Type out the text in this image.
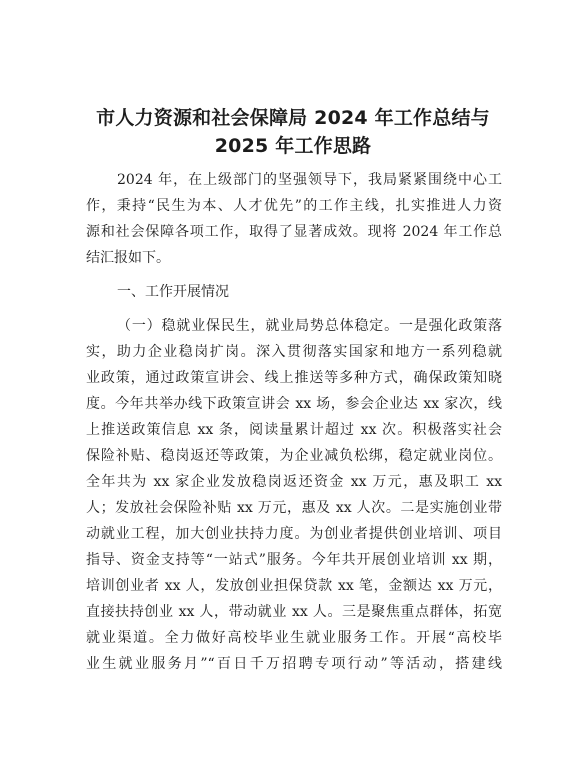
市人力资源和社会保障局 2024 年工作总结与
2025 年工作思路
2024 年，在上级部门的坚强领导下，我局紧紧围绕中心工
作，秉持“民生为本、人才优先”的工作主线，扎实推进人力资
源和社会保障各项工作，取得了显著成效。现将 2024 年工作总
结汇报如下。
一、工作开展情况
（一）稳就业保民生，就业局势总体稳定。一是强化政策落
实，助力企业稳岗扩岗。深入贯彻落实国家和地方一系列稳就
业政策，通过政策宣讲会、线上推送等多种方式，确保政策知晓
度。今年共举办线下政策宣讲会 xx 场，参会企业达 xx 家次，线
上推送政策信息 xx 条，阅读量累计超过 xx 次。积极落实社会
保险补贴、稳岗返还等政策，为企业减负松绑，稳定就业岗位。
全年共为 xx 家企业发放稳岗返还资金 xx 万元，惠及职工 xx
人；发放社会保险补贴 xx 万元，惠及 xx 人次。二是实施创业带
动就业工程，加大创业扶持力度。为创业者提供创业培训、项目
指导、资金支持等“一站式”服务。今年共开展创业培训 xx 期，
培训创业者 xx 人，发放创业担保贷款 xx 笔，金额达 xx 万元，
直接扶持创业 xx 人，带动就业 xx 人。三是聚焦重点群体，拓宽
就业渠道。全力做好高校毕业生就业服务工作。开展“高校毕
业生就业服务月”“百日千万招聘专项行动”等活动，搭建线
